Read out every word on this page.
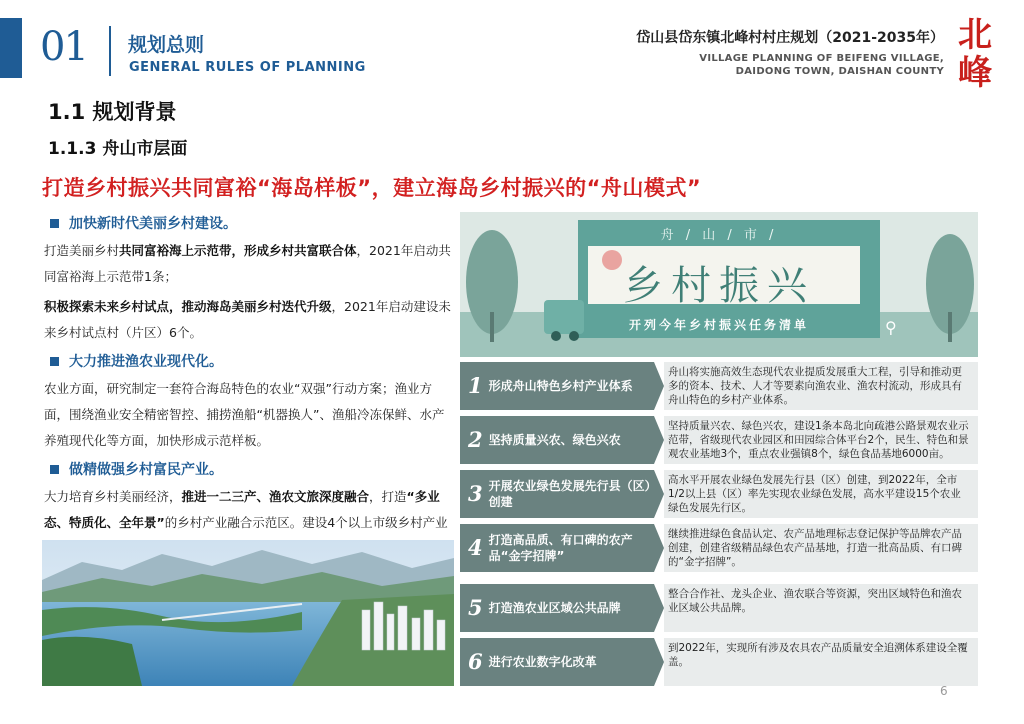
01 规划总则
GENERAL RULES OF PLANNING
岱山县岱东镇北峰村村庄规划（2021-2035年）
VILLAGE PLANNING OF BEIFENG VILLAGE,
DAIDONG TOWN, DAISHAN COUNTY
北峰
1.1 规划背景
1.1.3 舟山市层面
打造乡村振兴共同富裕“海岛样板”，建立海岛乡村振兴的“舟山模式”
加快新时代美丽乡村建设。

打造美丽乡村共同富裕海上示范带，形成乡村共富联合体，2021年启动共同富裕海上示范带1条；

积极探索未来乡村试点，推动海岛美丽乡村迭代升级，2021年启动建设未来乡村试点村（片区）6个。

大力推进渔农业现代化。

农业方面，研究制定一套符合海岛特色的农业“双强”行动方案；渔业方面，围绕渔业安全精密智控、捕捞渔船“机器换人”、渔船冷冻保鲜、水产养殖现代化等方面，加快形成示范样板。

做精做强乡村富民产业。

大力培育乡村美丽经济，推进一二三产、渔农文旅深度融合，打造“多业态、特质化、全年景”的乡村产业融合示范区。建设4个以上市级乡村产业

舟 / 山 / 市 /
乡村振兴
开列今年乡村振兴任务清单	⚲
1 形成舟山特色乡村产业体系
舟山将实施高效生态现代农业提质发展重大工程，引导和推动更多的资本、技术、人才等要素向渔农业、渔农村流动，形成具有舟山特色的乡村产业体系。
2 坚持质量兴农、绿色兴农
坚持质量兴农、绿色兴农，建设1条本岛北向疏港公路景观农业示范带，省级现代农业园区和田园综合体平台2个，民生、特色和景观农业基地3个，重点农业强镇8个，绿色食品基地6000亩。
3 开展农业绿色发展先行县（区）创建
高水平开展农业绿色发展先行县（区）创建，到2022年，全市1/2以上县（区）率先实现农业绿色发展，高水平建设15个农业绿色发展先行区。
4 打造高品质、有口碑的农产品“金字招牌”
继续推进绿色食品认定、农产品地理标志登记保护等品牌农产品创建，创建省级精品绿色农产品基地，打造一批高品质、有口碑的“金字招牌”。
5 打造渔农业区域公共品牌
整合合作社、龙头企业、渔农联合等资源，突出区域特色和渔农业区域公共品牌。
6 进行农业数字化改革
到2022年，实现所有涉及农具农产品质量安全追溯体系建设全覆盖。
6
